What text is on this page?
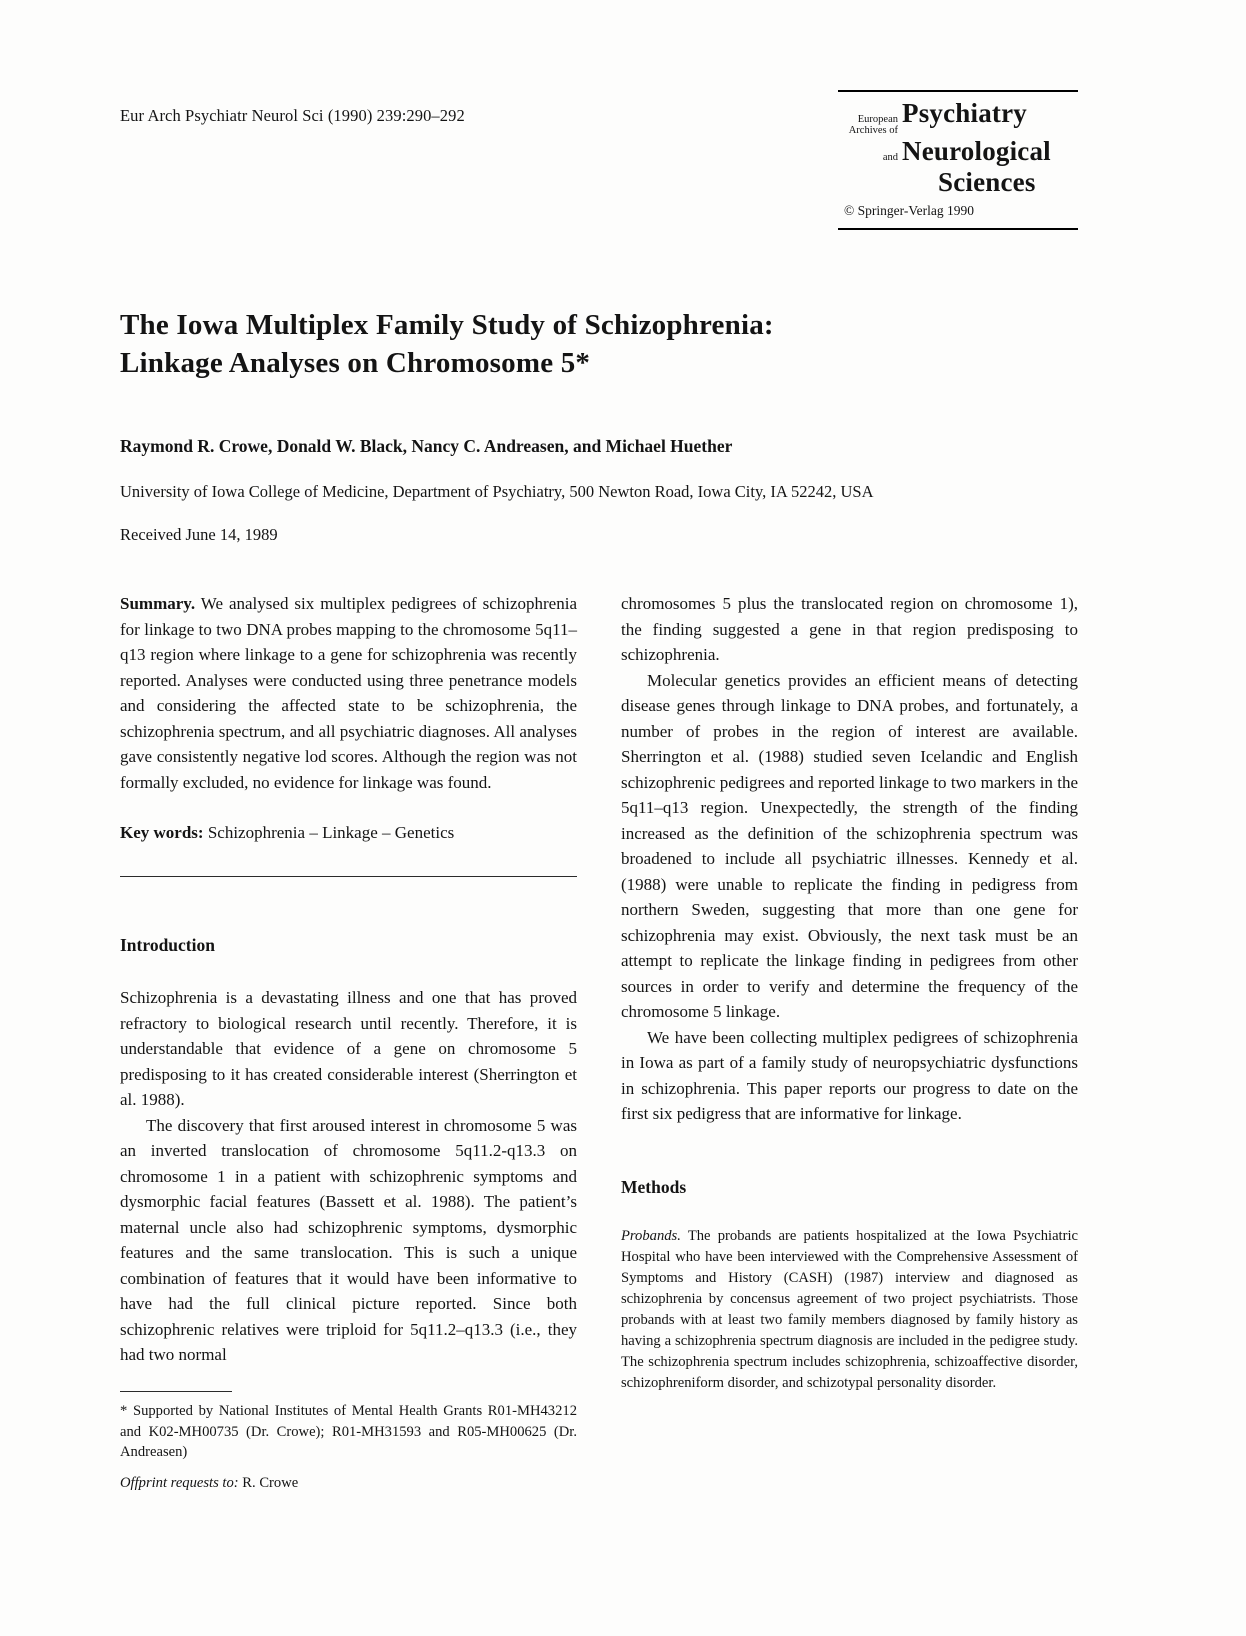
Eur Arch Psychiatr Neurol Sci (1990) 239:290–292	European
Archives of
Psychiatry
and Neurological
Sciences
© Springer-Verlag 1990
The Iowa Multiplex Family Study of Schizophrenia:
Linkage Analyses on Chromosome 5*
Raymond R. Crowe, Donald W. Black, Nancy C. Andreasen, and Michael Huether
University of Iowa College of Medicine, Department of Psychiatry, 500 Newton Road, Iowa City, IA 52242, USA
Received June 14, 1989

Summary. We analysed six multiplex pedigrees of schizophrenia for linkage to two DNA probes mapping to the chromosome 5q11–q13 region where linkage to a gene for schizophrenia was recently reported. Analyses were conducted using three penetrance models and considering the affected state to be schizophrenia, the schizophrenia spectrum, and all psychiatric diagnoses. All analyses gave consistently negative lod scores. Although the region was not formally excluded, no evidence for linkage was found.

Key words: Schizophrenia – Linkage – Genetics

Introduction

Schizophrenia is a devastating illness and one that has proved refractory to biological research until recently. Therefore, it is understandable that evidence of a gene on chromosome 5 predisposing to it has created considerable interest (Sherrington et al. 1988).

The discovery that first aroused interest in chromosome 5 was an inverted translocation of chromosome 5q11.2-q13.3 on chromosome 1 in a patient with schizophrenic symptoms and dysmorphic facial features (Bassett et al. 1988). The patient’s maternal uncle also had schizophrenic symptoms, dysmorphic features and the same translocation. This is such a unique combination of features that it would have been informative to have had the full clinical picture reported. Since both schizophrenic relatives were triploid for 5q11.2–q13.3 (i.e., they had two normal

* Supported by National Institutes of Mental Health Grants R01-MH43212 and K02-MH00735 (Dr. Crowe); R01-MH31593 and R05-MH00625 (Dr. Andreasen)
Offprint requests to: R. Crowe

chromosomes 5 plus the translocated region on chromosome 1), the finding suggested a gene in that region predisposing to schizophrenia.

Molecular genetics provides an efficient means of detecting disease genes through linkage to DNA probes, and fortunately, a number of probes in the region of interest are available. Sherrington et al. (1988) studied seven Icelandic and English schizophrenic pedigrees and reported linkage to two markers in the 5q11–q13 region. Unexpectedly, the strength of the finding increased as the definition of the schizophrenia spectrum was broadened to include all psychiatric illnesses. Kennedy et al. (1988) were unable to replicate the finding in pedigress from northern Sweden, suggesting that more than one gene for schizophrenia may exist. Obviously, the next task must be an attempt to replicate the linkage finding in pedigrees from other sources in order to verify and determine the frequency of the chromosome 5 linkage.

We have been collecting multiplex pedigrees of schizophrenia in Iowa as part of a family study of neuropsychiatric dysfunctions in schizophrenia. This paper reports our progress to date on the first six pedigress that are informative for linkage.

Methods

Probands. The probands are patients hospitalized at the Iowa Psychiatric Hospital who have been interviewed with the Comprehensive Assessment of Symptoms and History (CASH) (1987) interview and diagnosed as schizophrenia by concensus agreement of two project psychiatrists. Those probands with at least two family members diagnosed by family history as having a schizophrenia spectrum diagnosis are included in the pedigree study. The schizophrenia spectrum includes schizophrenia, schizoaffective disorder, schizophreniform disorder, and schizotypal personality disorder.
